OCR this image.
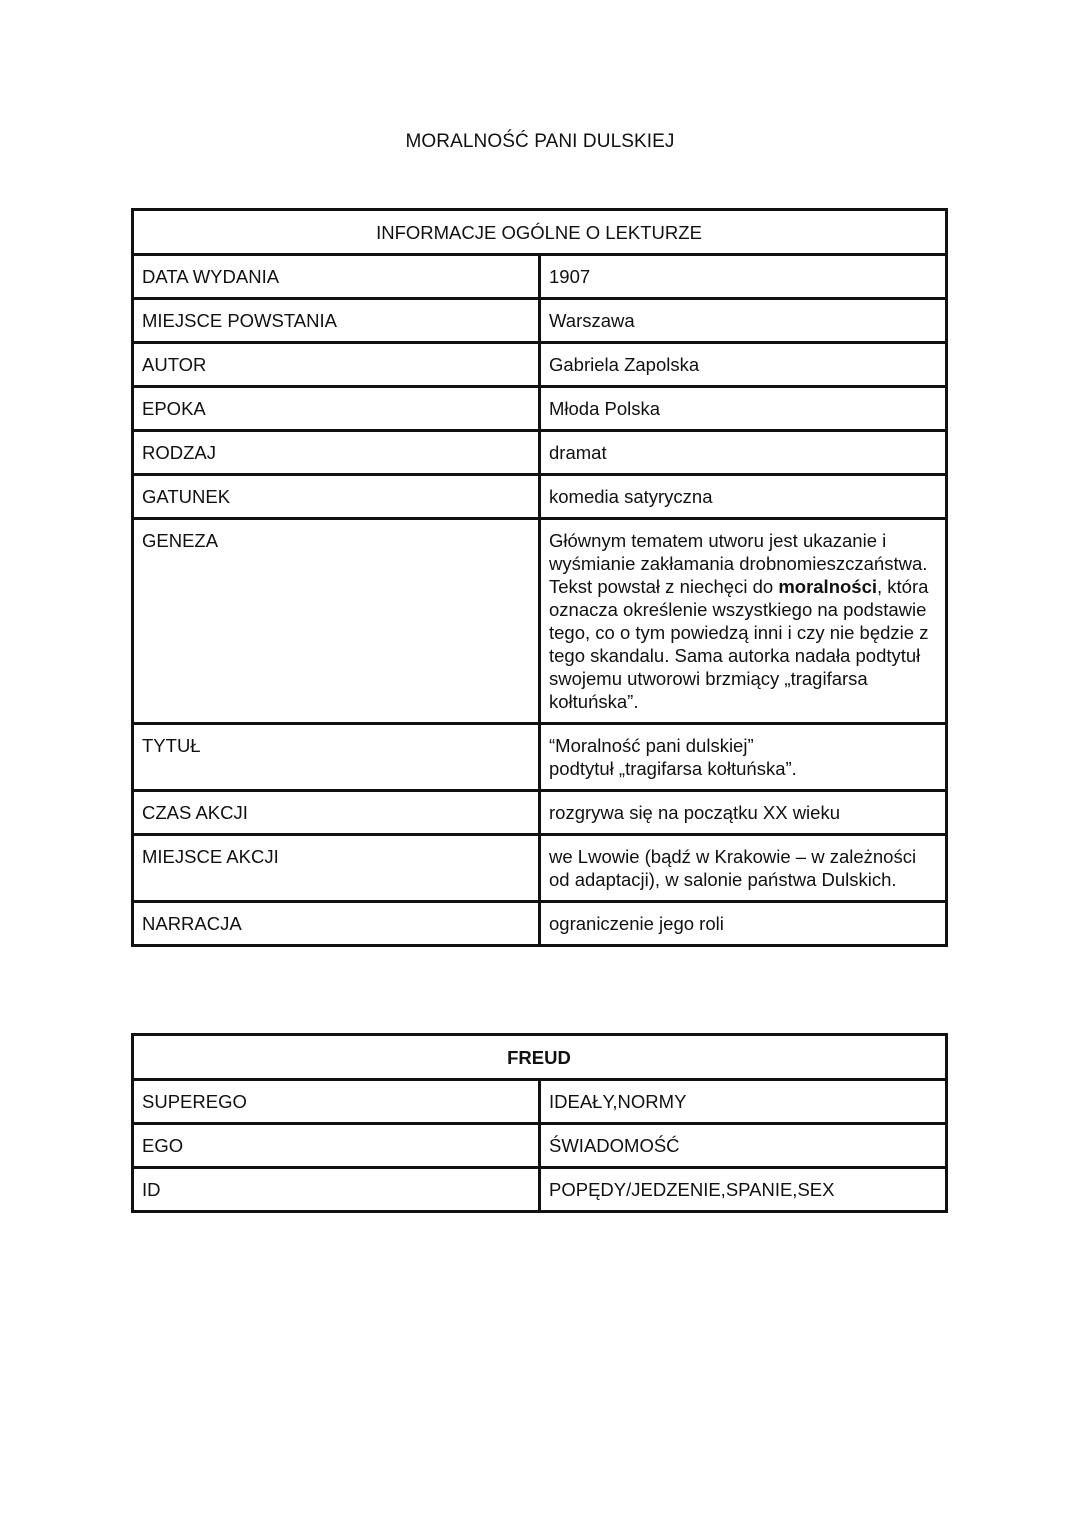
MORALNOŚĆ PANI DULSKIEJ
INFORMACJE OGÓLNE O LEKTURZE	
DATA WYDANIA	1907
MIEJSCE POWSTANIA	Warszawa
AUTOR	Gabriela Zapolska
EPOKA	Młoda Polska
RODZAJ	dramat
GATUNEK	komedia satyryczna
GENEZA	Głównym tematem utworu jest ukazanie i wyśmianie zakłamania drobnomieszczaństwa. Tekst powstał z niechęci do moralności, która oznacza określenie wszystkiego na podstawie tego, co o tym powiedzą inni i czy nie będzie z tego skandalu. Sama autorka nadała podtytuł swojemu utworowi brzmiący „tragifarsa kołtuńska”.
TYTUŁ	“Moralność pani dulskiej”
podtytuł „tragifarsa kołtuńska”.

CZAS AKCJI	rozgrywa się na początku XX wieku
MIEJSCE AKCJI	we Lwowie (bądź w Krakowie – w zależności od adaptacji), w salonie państwa Dulskich.
NARRACJA	ograniczenie jego roli
FREUD	
SUPEREGO	IDEAŁY,NORMY
EGO	ŚWIADOMOŚĆ
ID	POPĘDY/JEDZENIE,SPANIE,SEX
